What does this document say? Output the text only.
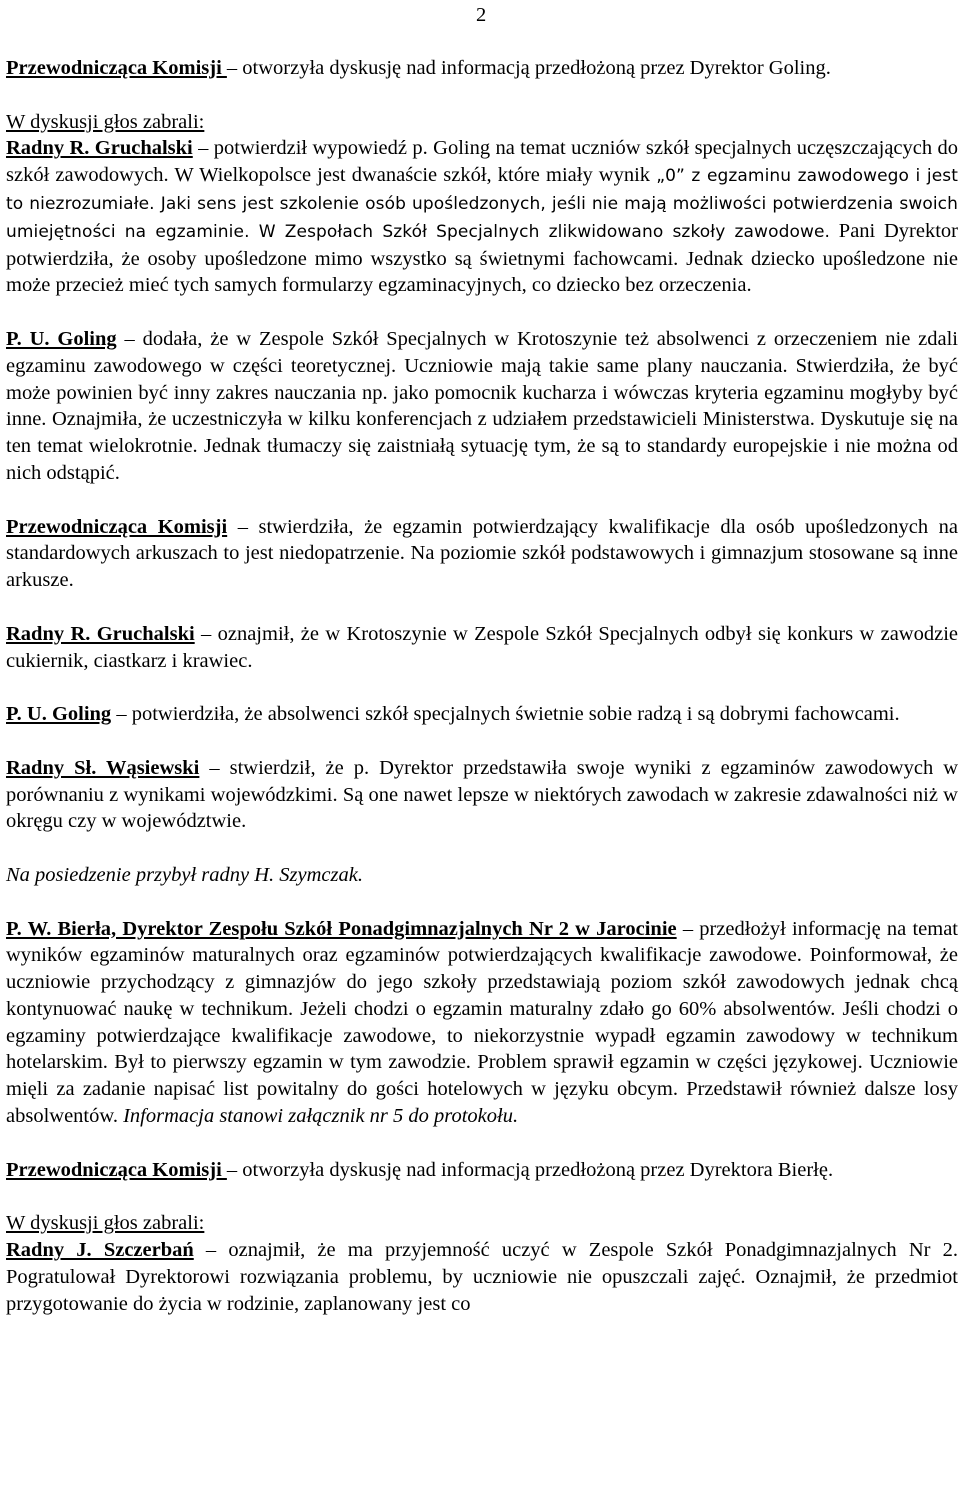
2

Przewodnicząca Komisji – otworzyła dyskusję nad informacją przedłożoną przez Dyrektor Goling.

W dyskusji głos zabrali:

Radny R. Gruchalski – potwierdził wypowiedź p. Goling na temat uczniów szkół specjalnych uczęszczających do szkół zawodowych. W Wielkopolsce jest dwanaście szkół, które miały wynik „0” z egzaminu zawodowego i jest to niezrozumiałe. Jaki sens jest szkolenie osób upośledzonych, jeśli nie mają możliwości potwierdzenia swoich umiejętności na egzaminie. W Zespołach Szkół Specjalnych zlikwidowano szkoły zawodowe. Pani Dyrektor potwierdziła, że osoby upośledzone mimo wszystko są świetnymi fachowcami. Jednak dziecko upośledzone nie może przecież mieć tych samych formularzy egzaminacyjnych, co dziecko bez orzeczenia.

P. U. Goling – dodała, że w Zespole Szkół Specjalnych w Krotoszynie też absolwenci z orzeczeniem nie zdali egzaminu zawodowego w części teoretycznej. Uczniowie mają takie same plany nauczania. Stwierdziła, że być może powinien być inny zakres nauczania np. jako pomocnik kucharza i wówczas kryteria egzaminu mogłyby być inne. Oznajmiła, że uczestniczyła w kilku konferencjach z udziałem przedstawicieli Ministerstwa. Dyskutuje się na ten temat wielokrotnie. Jednak tłumaczy się zaistniałą sytuację tym, że są to standardy europejskie i nie można od nich odstąpić.

Przewodnicząca Komisji – stwierdziła, że egzamin potwierdzający kwalifikacje dla osób upośledzonych na standardowych arkuszach to jest niedopatrzenie. Na poziomie szkół podstawowych i gimnazjum stosowane są inne arkusze.

Radny R. Gruchalski – oznajmił, że w Krotoszynie w Zespole Szkół Specjalnych odbył się konkurs w zawodzie cukiernik, ciastkarz i krawiec.

P. U. Goling – potwierdziła, że absolwenci szkół specjalnych świetnie sobie radzą i są dobrymi fachowcami.

Radny Sł. Wąsiewski – stwierdził, że p. Dyrektor przedstawiła swoje wyniki z egzaminów zawodowych w porównaniu z wynikami wojewódzkimi. Są one nawet lepsze w niektórych zawodach w zakresie zdawalności niż w okręgu czy w województwie.

Na posiedzenie przybył radny H. Szymczak.

P. W. Bierła, Dyrektor Zespołu Szkół Ponadgimnazjalnych Nr 2 w Jarocinie – przedłożył informację na temat wyników egzaminów maturalnych oraz egzaminów potwierdzających kwalifikacje zawodowe. Poinformował, że uczniowie przychodzący z gimnazjów do jego szkoły przedstawiają poziom szkół zawodowych jednak chcą kontynuować naukę w technikum. Jeżeli chodzi o egzamin maturalny zdało go 60% absolwentów. Jeśli chodzi o egzaminy potwierdzające kwalifikacje zawodowe, to niekorzystnie wypadł egzamin zawodowy w technikum hotelarskim. Był to pierwszy egzamin w tym zawodzie. Problem sprawił egzamin w części językowej. Uczniowie mięli za zadanie napisać list powitalny do gości hotelowych w języku obcym. Przedstawił również dalsze losy absolwentów. Informacja stanowi załącznik nr 5 do protokołu.

Przewodnicząca Komisji – otworzyła dyskusję nad informacją przedłożoną przez Dyrektora Bierłę.

W dyskusji głos zabrali:

Radny J. Szczerbań – oznajmił, że ma przyjemność uczyć w Zespole Szkół Ponadgimnazjalnych Nr 2. Pogratulował Dyrektorowi rozwiązania problemu, by uczniowie nie opuszczali zajęć. Oznajmił, że przedmiot przygotowanie do życia w rodzinie, zaplanowany jest co
